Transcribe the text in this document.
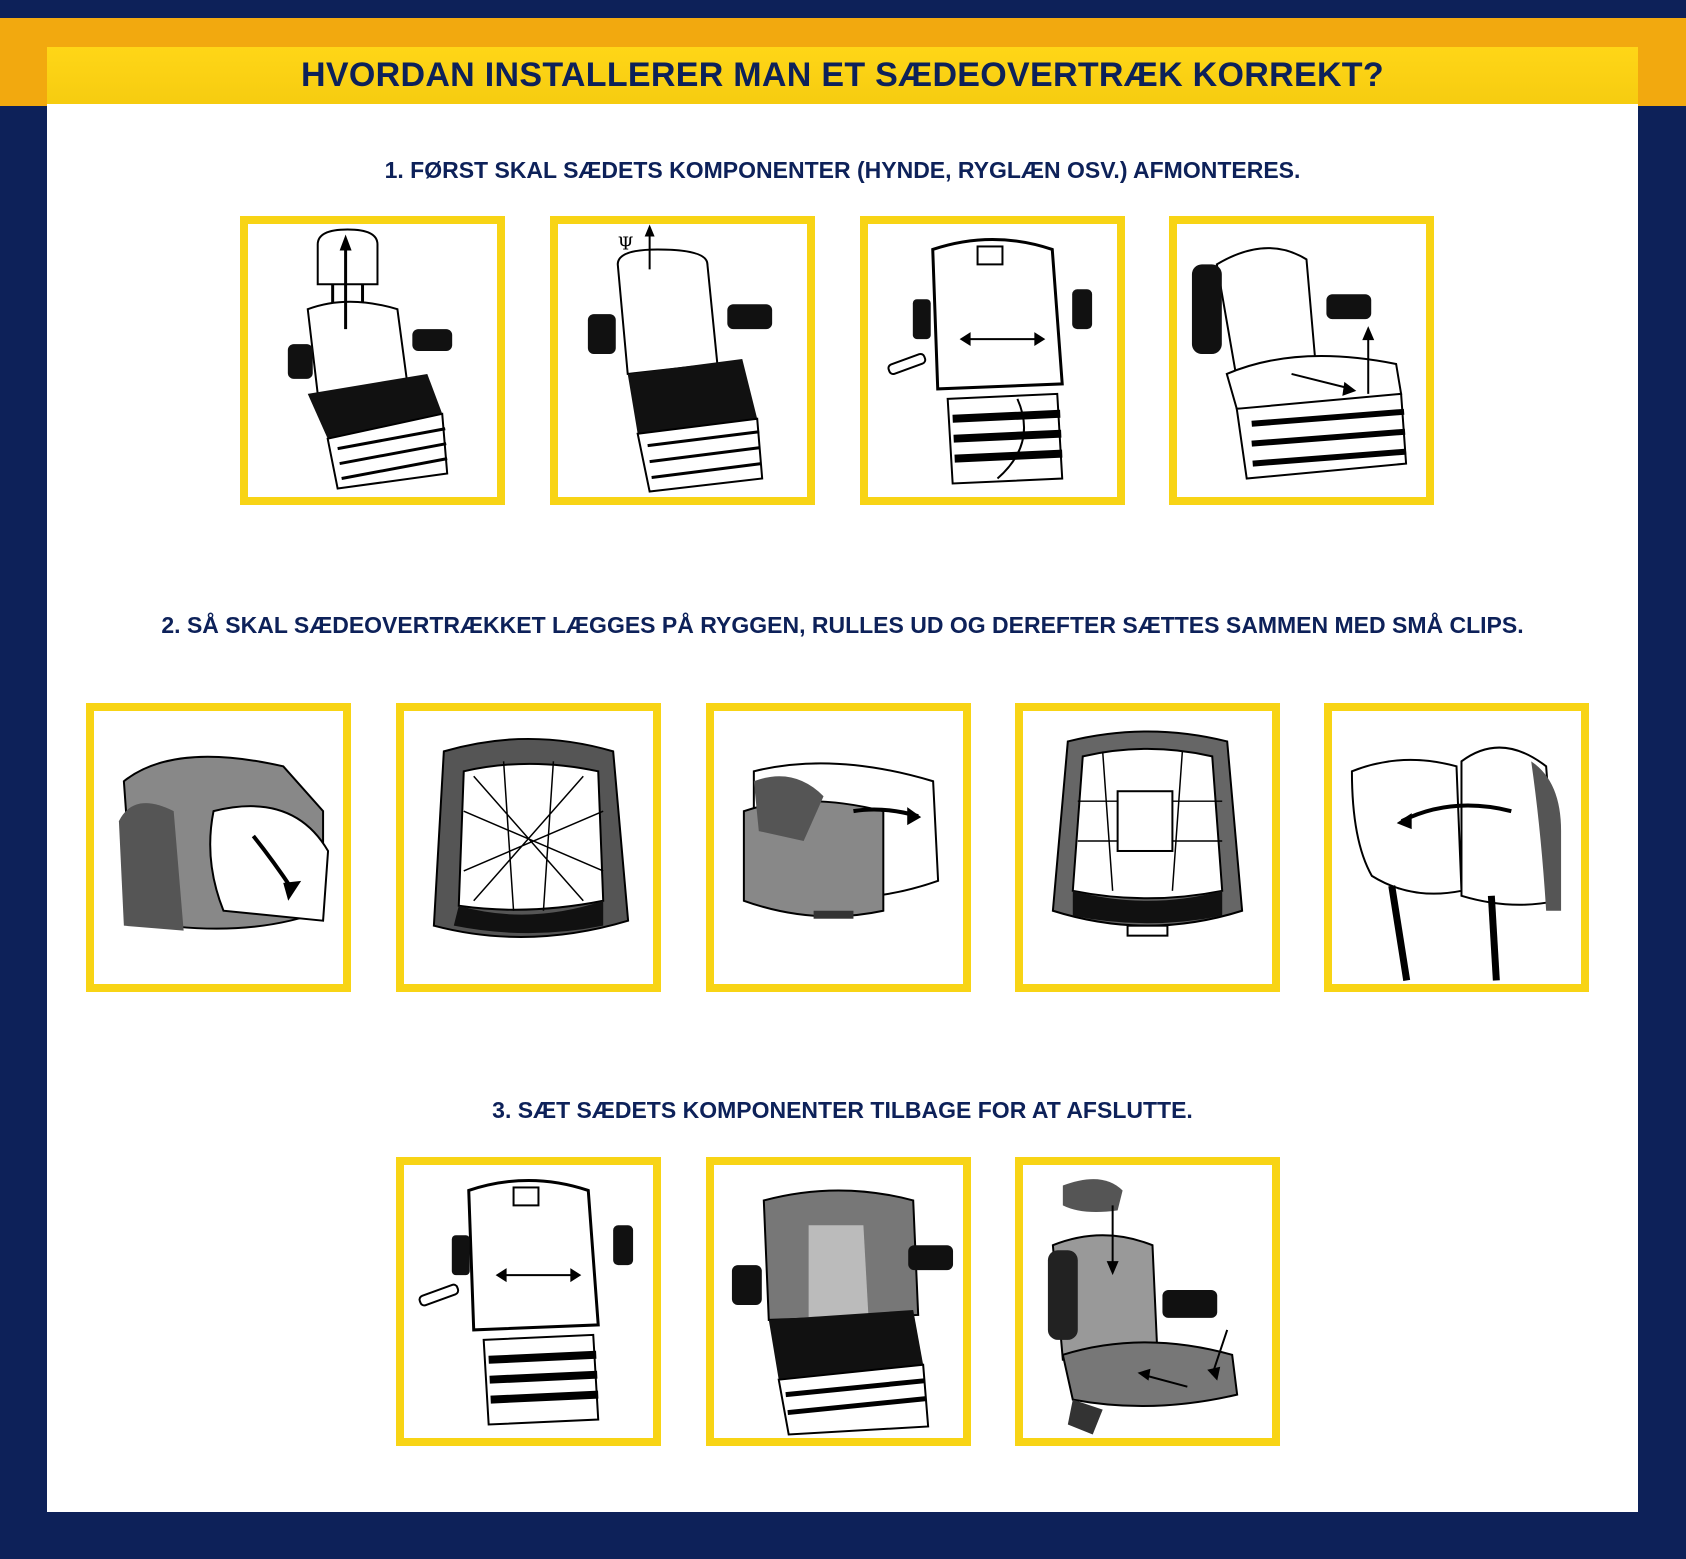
HVORDAN INSTALLERER MAN ET SÆDEOVERTRÆK KORREKT?
1. FØRST SKAL SÆDETS KOMPONENTER (HYNDE, RYGLÆN OSV.) AFMONTERES.
Ψ
2. SÅ SKAL SÆDEOVERTRÆKKET LÆGGES PÅ RYGGEN, RULLES UD OG DEREFTER SÆTTES SAMMEN MED SMÅ CLIPS.
3. SÆT SÆDETS KOMPONENTER TILBAGE FOR AT AFSLUTTE.
